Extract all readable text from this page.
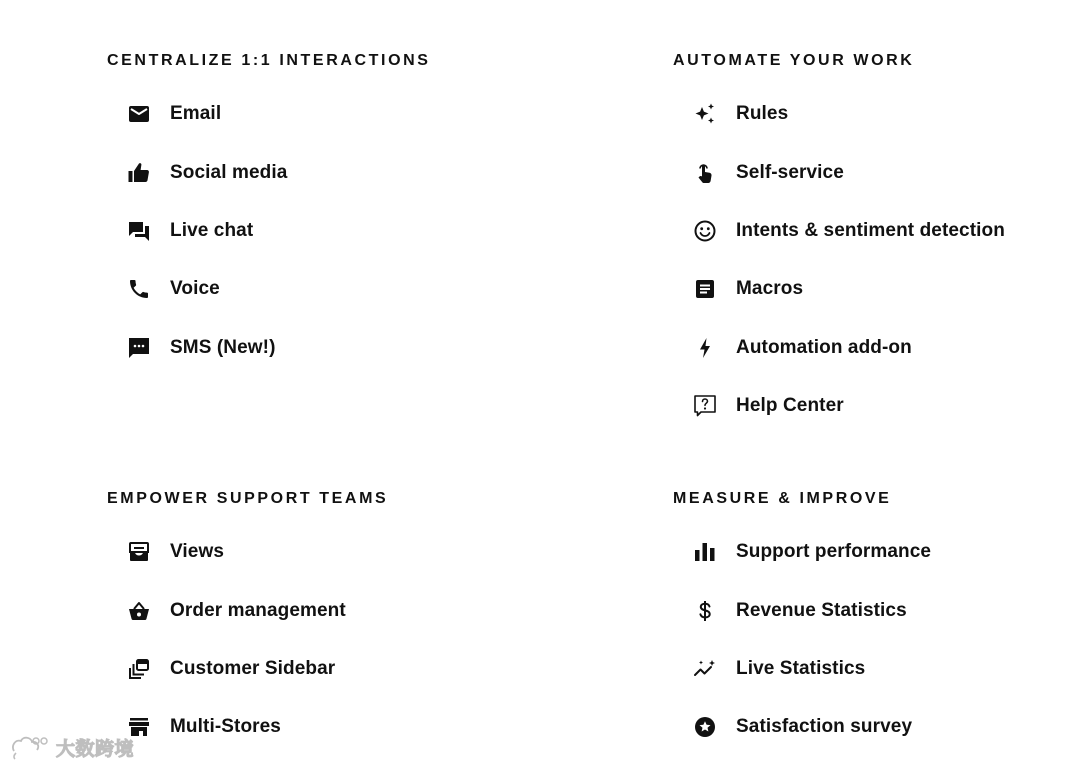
CENTRALIZE 1:1 INTERACTIONS
Email
Social media
Live chat
Voice
SMS (New!)
AUTOMATE YOUR WORK
Rules
Self-service
Intents & sentiment detection
Macros
Automation add-on
Help Center
EMPOWER SUPPORT TEAMS
Views
Order management
Customer Sidebar
Multi-Stores
MEASURE & IMPROVE
Support performance
Revenue Statistics
Live Statistics
Satisfaction survey
大数跨境
